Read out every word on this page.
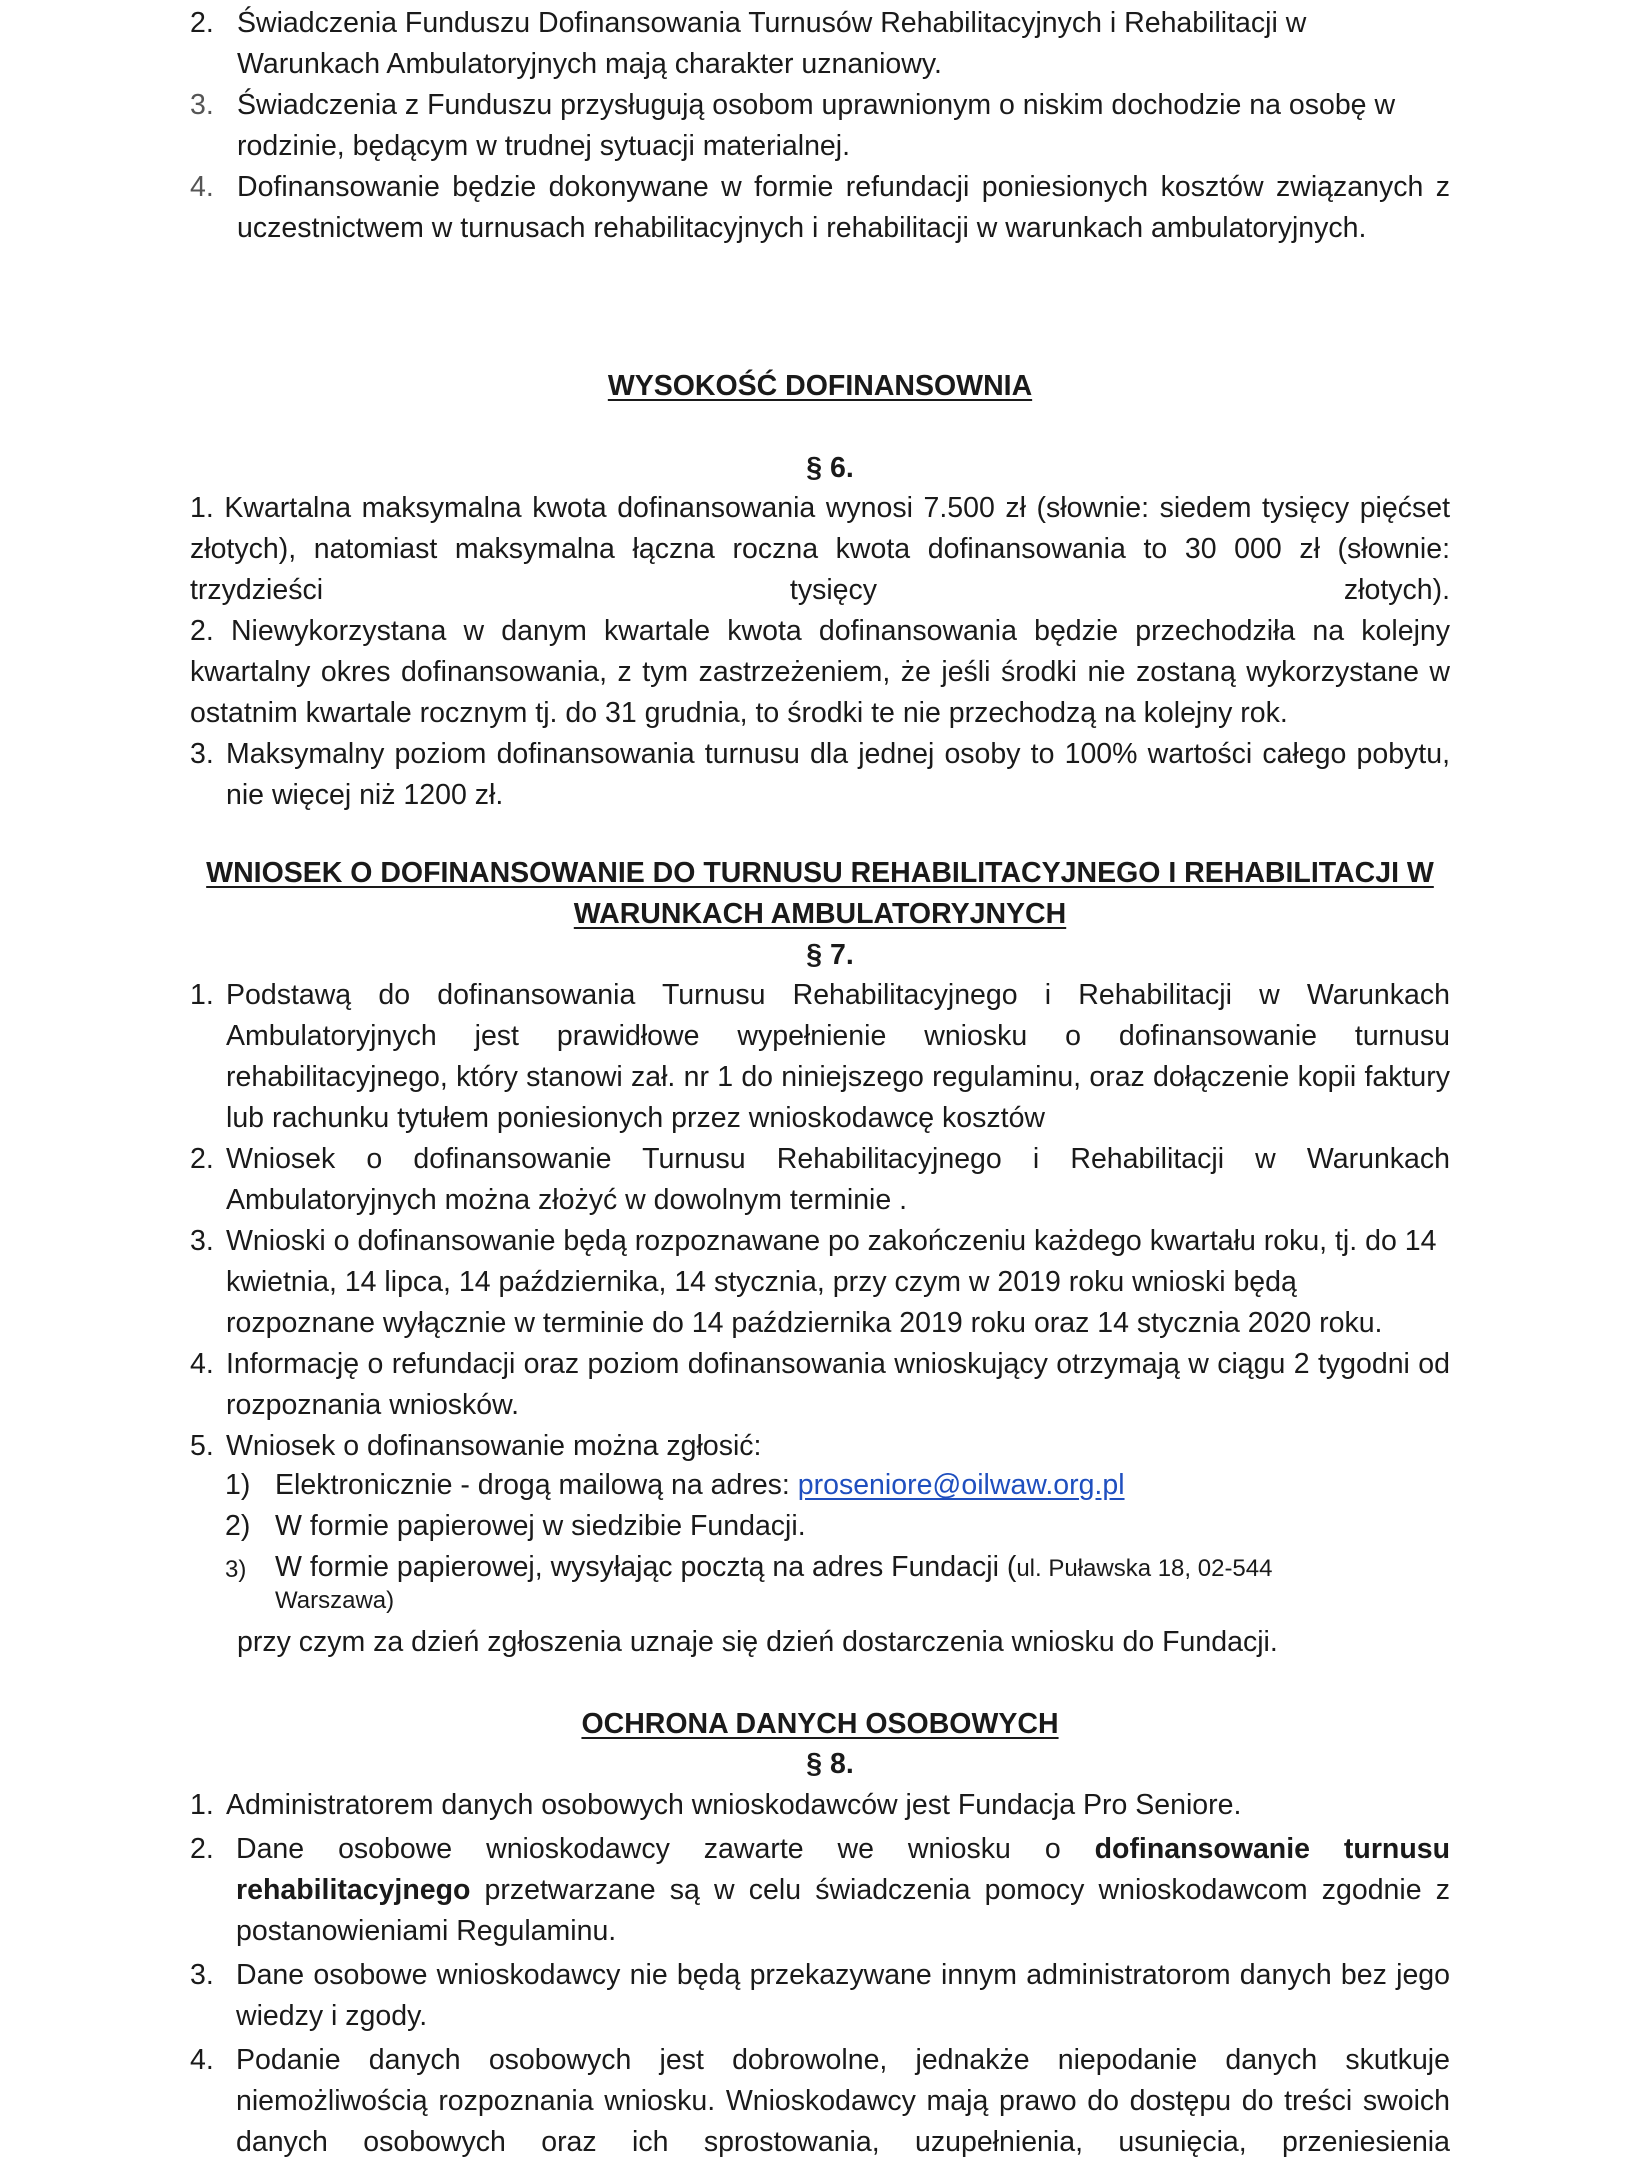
2. Świadczenia Funduszu Dofinansowania Turnusów Rehabilitacyjnych i Rehabilitacji w Warunkach Ambulatoryjnych mają charakter uznaniowy.
3. Świadczenia z Funduszu przysługują osobom uprawnionym o niskim dochodzie na osobę w rodzinie, będącym w trudnej sytuacji materialnej.
4. Dofinansowanie będzie dokonywane w formie refundacji poniesionych kosztów związanych z uczestnictwem w turnusach rehabilitacyjnych i rehabilitacji w warunkach ambulatoryjnych.
WYSOKOŚĆ DOFINANSOWNIA
§ 6.
1. Kwartalna maksymalna kwota dofinansowania wynosi 7.500 zł (słownie: siedem tysięcy pięćset złotych), natomiast maksymalna łączna roczna kwota dofinansowania to 30 000 zł (słownie: trzydzieści tysięcy złotych).
2. Niewykorzystana w danym kwartale kwota dofinansowania będzie przechodziła na kolejny kwartalny okres dofinansowania, z tym zastrzeżeniem, że jeśli środki nie zostaną wykorzystane w ostatnim kwartale rocznym tj. do 31 grudnia, to środki te nie przechodzą na kolejny rok.
3. Maksymalny poziom dofinansowania turnusu dla jednej osoby to 100% wartości całego pobytu, nie więcej niż 1200 zł.
WNIOSEK O DOFINANSOWANIE DO TURNUSU REHABILITACYJNEGO I REHABILITACJI W WARUNKACH AMBULATORYJNYCH
§ 7.
1. Podstawą do dofinansowania Turnusu Rehabilitacyjnego i Rehabilitacji w Warunkach Ambulatoryjnych jest prawidłowe wypełnienie wniosku o dofinansowanie turnusu rehabilitacyjnego, który stanowi zał. nr 1 do niniejszego regulaminu, oraz dołączenie kopii faktury lub rachunku tytułem poniesionych przez wnioskodawcę kosztów
2. Wniosek o dofinansowanie Turnusu Rehabilitacyjnego i Rehabilitacji w Warunkach Ambulatoryjnych można złożyć w dowolnym terminie .
3. Wnioski o dofinansowanie będą rozpoznawane po zakończeniu każdego kwartału roku, tj. do 14 kwietnia, 14 lipca, 14 października, 14 stycznia, przy czym w 2019 roku wnioski będą rozpoznane wyłącznie w terminie do 14 października 2019 roku oraz 14 stycznia 2020 roku.
4. Informację o refundacji oraz poziom dofinansowania wnioskujący otrzymają w ciągu 2 tygodni od rozpoznania wniosków.
5. Wniosek o dofinansowanie można zgłosić:
1) Elektronicznie - drogą mailową na adres: proseniore@oilwaw.org.pl
2) W formie papierowej w siedzibie Fundacji.
3) W formie papierowej, wysyłając pocztą na adres Fundacji (ul. Puławska 18, 02-544
Warszawa)
przy czym za dzień zgłoszenia uznaje się dzień dostarczenia wniosku do Fundacji.
OCHRONA DANYCH OSOBOWYCH
§ 8.
1. Administratorem danych osobowych wnioskodawców jest Fundacja Pro Seniore.
2. Dane osobowe wnioskodawcy zawarte we wniosku o dofinansowanie turnusu rehabilitacyjnego przetwarzane są w celu świadczenia pomocy wnioskodawcom zgodnie z postanowieniami Regulaminu.
3. Dane osobowe wnioskodawcy nie będą przekazywane innym administratorom danych bez jego wiedzy i zgody.
4. Podanie danych osobowych jest dobrowolne, jednakże niepodanie danych skutkuje niemożliwością rozpoznania wniosku. Wnioskodawcy mają prawo do dostępu do treści swoich danych osobowych oraz ich sprostowania, uzupełnienia, usunięcia, przeniesienia
